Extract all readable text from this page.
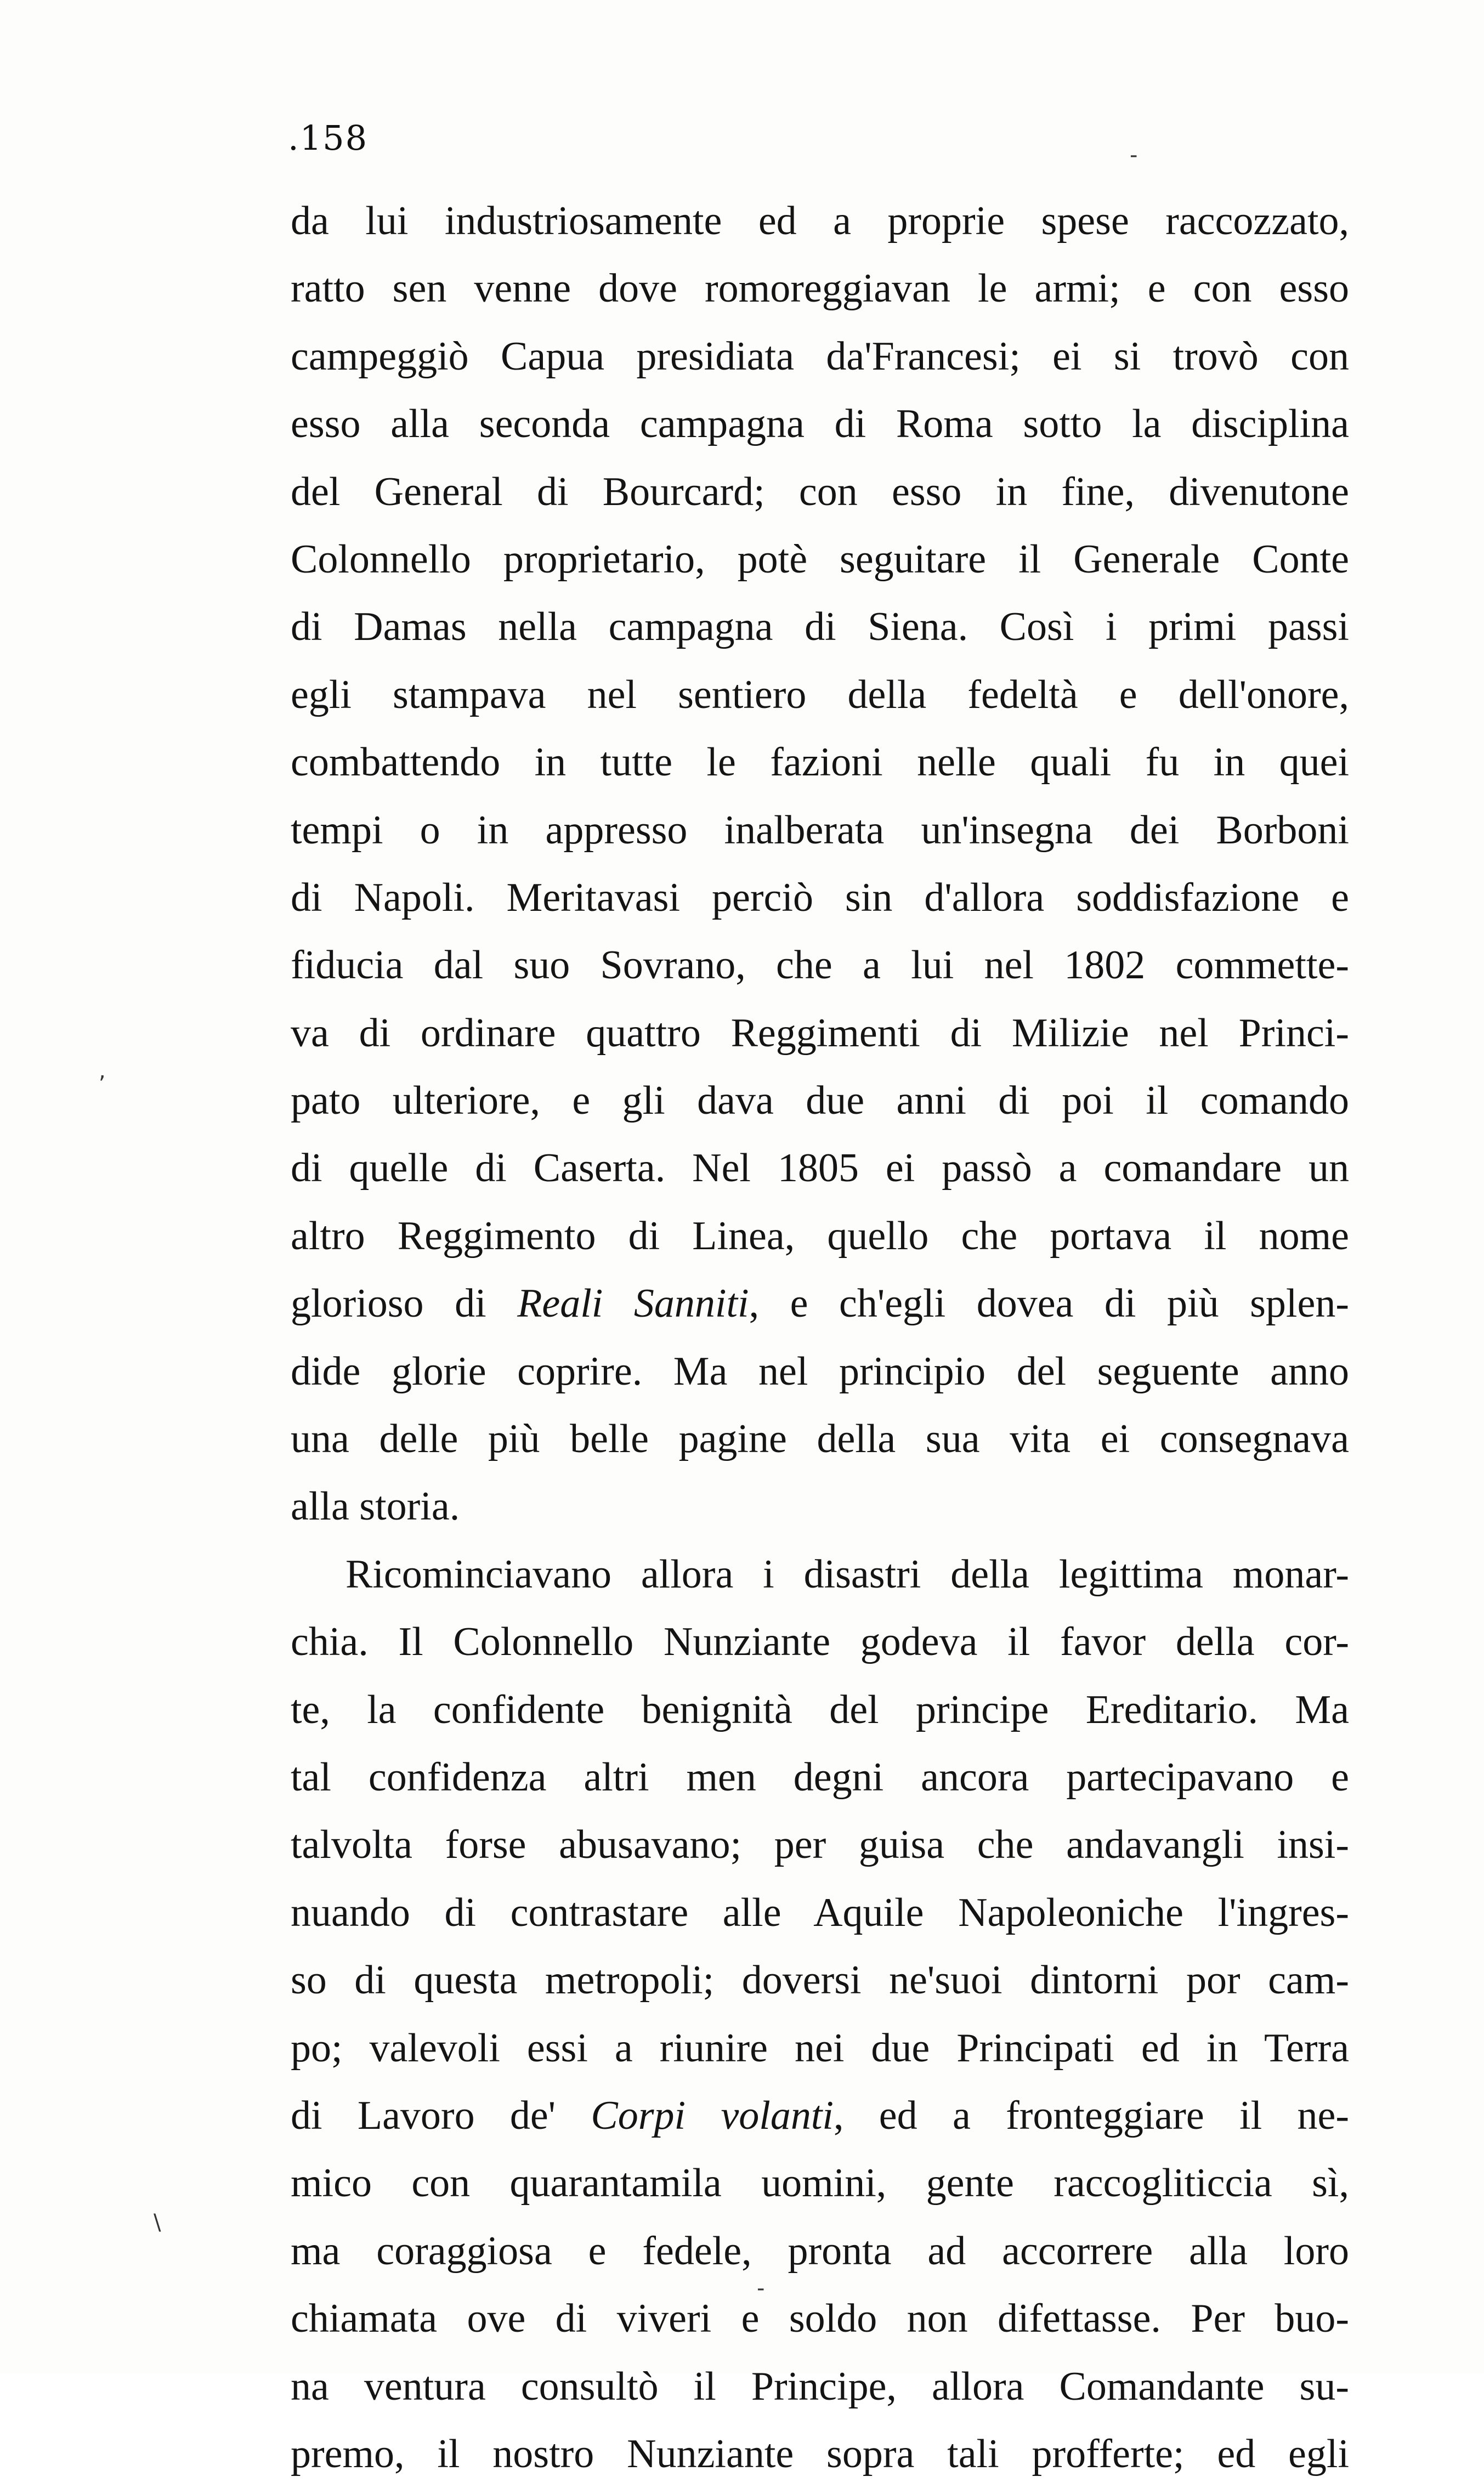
.158
da lui industriosamente ed a proprie spese raccozzato,
ratto sen venne dove romoreggiavan le armi; e con esso
campeggiò Capua presidiata da'Francesi; ei si trovò con
esso alla seconda campagna di Roma sotto la disciplina
del General di Bourcard; con esso in fine, divenutone
Colonnello proprietario, potè seguitare il Generale Conte
di Damas nella campagna di Siena. Così i primi passi
egli stampava nel sentiero della fedeltà e dell'onore,
combattendo in tutte le fazioni nelle quali fu in quei
tempi o in appresso inalberata un'insegna dei Borboni
di Napoli. Meritavasi perciò sin d'allora soddisfazione e
fiducia dal suo Sovrano, che a lui nel 1802 commette-
va di ordinare quattro Reggimenti di Milizie nel Princi-
pato ulteriore, e gli dava due anni di poi il comando
di quelle di Caserta. Nel 1805 ei passò a comandare un
altro Reggimento di Linea, quello che portava il nome
glorioso di Reali Sanniti, e ch'egli dovea di più splen-
dide glorie coprire. Ma nel principio del seguente anno
una delle più belle pagine della sua vita ei consegnava
alla storia.
Ricominciavano allora i disastri della legittima monar-
chia. Il Colonnello Nunziante godeva il favor della cor-
te, la confidente benignità del principe Ereditario. Ma
tal confidenza altri men degni ancora partecipavano e
talvolta forse abusavano; per guisa che andavangli insi-
nuando di contrastare alle Aquile Napoleoniche l'ingres-
so di questa metropoli; doversi ne'suoi dintorni por cam-
po; valevoli essi a riunire nei due Principati ed in Terra
di Lavoro de' Corpi volanti, ed a fronteggiare il ne-
mico con quarantamila uomini, gente raccogliticcia sì,
ma coraggiosa e fedele, pronta ad accorrere alla loro
chiamata ove di viveri e soldo non difettasse. Per buo-
na ventura consultò il Principe, allora Comandante su-
premo, il nostro Nunziante sopra tali profferte; ed egli
-
-
\
,
